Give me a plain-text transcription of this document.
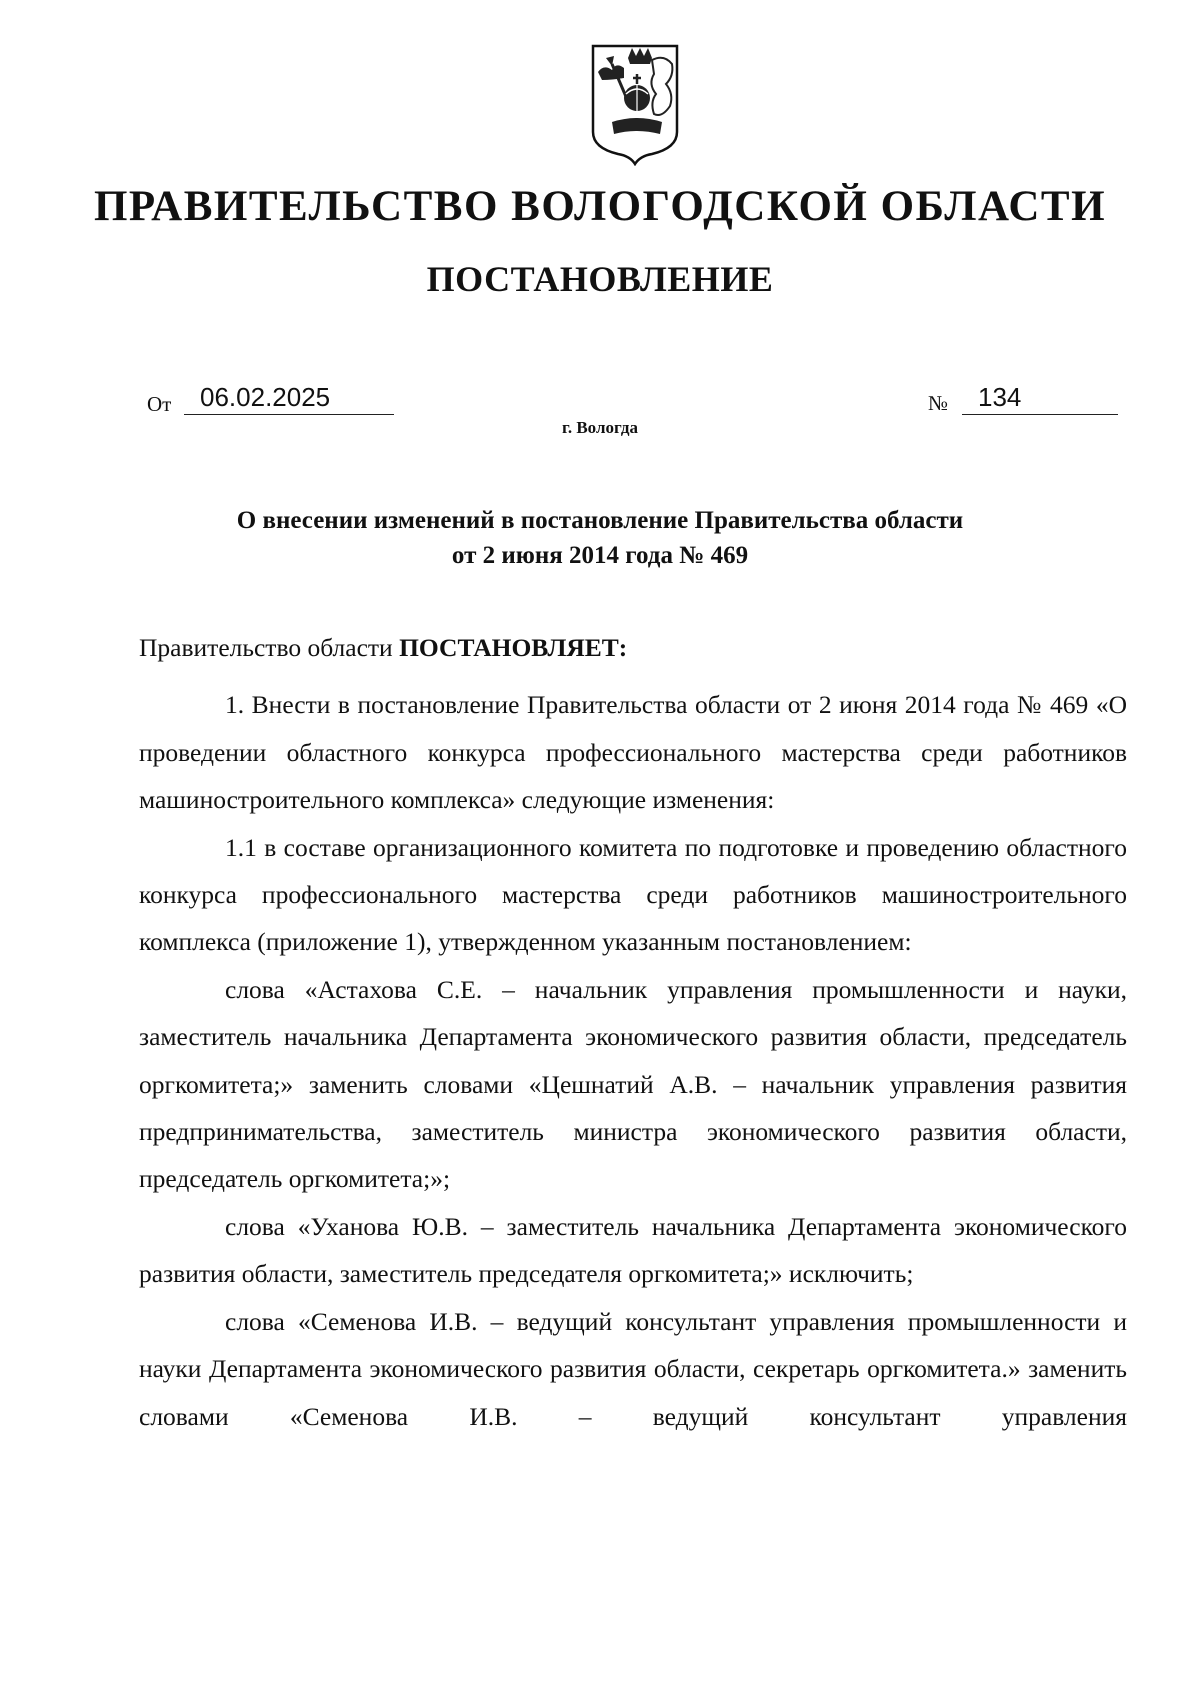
ПРАВИТЕЛЬСТВО ВОЛОГОДСКОЙ ОБЛАСТИ
ПОСТАНОВЛЕНИЕ
От	06.02.2025	№	134
г. Вологда
О внесении изменений в постановление Правительства области
от 2 июня 2014 года № 469

Правительство области ПОСТАНОВЛЯЕТ:

1. Внести в постановление Правительства области от 2 июня 2014 года № 469 «О проведении областного конкурса профессионального мастерства среди работников машиностроительного комплекса» следующие изменения:

1.1 в составе организационного комитета по подготовке и проведению областного конкурса профессионального мастерства среди работников машиностроительного комплекса (приложение 1), утвержденном указанным постановлением:

слова «Астахова С.Е. – начальник управления промышленности и науки, заместитель начальника Департамента экономического развития области, председатель оргкомитета;» заменить словами «Цешнатий А.В. – начальник управления развития предпринимательства, заместитель министра экономического развития области, председатель оргкомитета;»;

слова «Уханова Ю.В. – заместитель начальника Департамента экономического развития области, заместитель председателя оргкомитета;» исключить;

слова «Семенова И.В. – ведущий консультант управления промышленности и науки Департамента экономического развития области, секретарь оргкомитета.» заменить словами «Семенова И.В. – ведущий консультант управления
